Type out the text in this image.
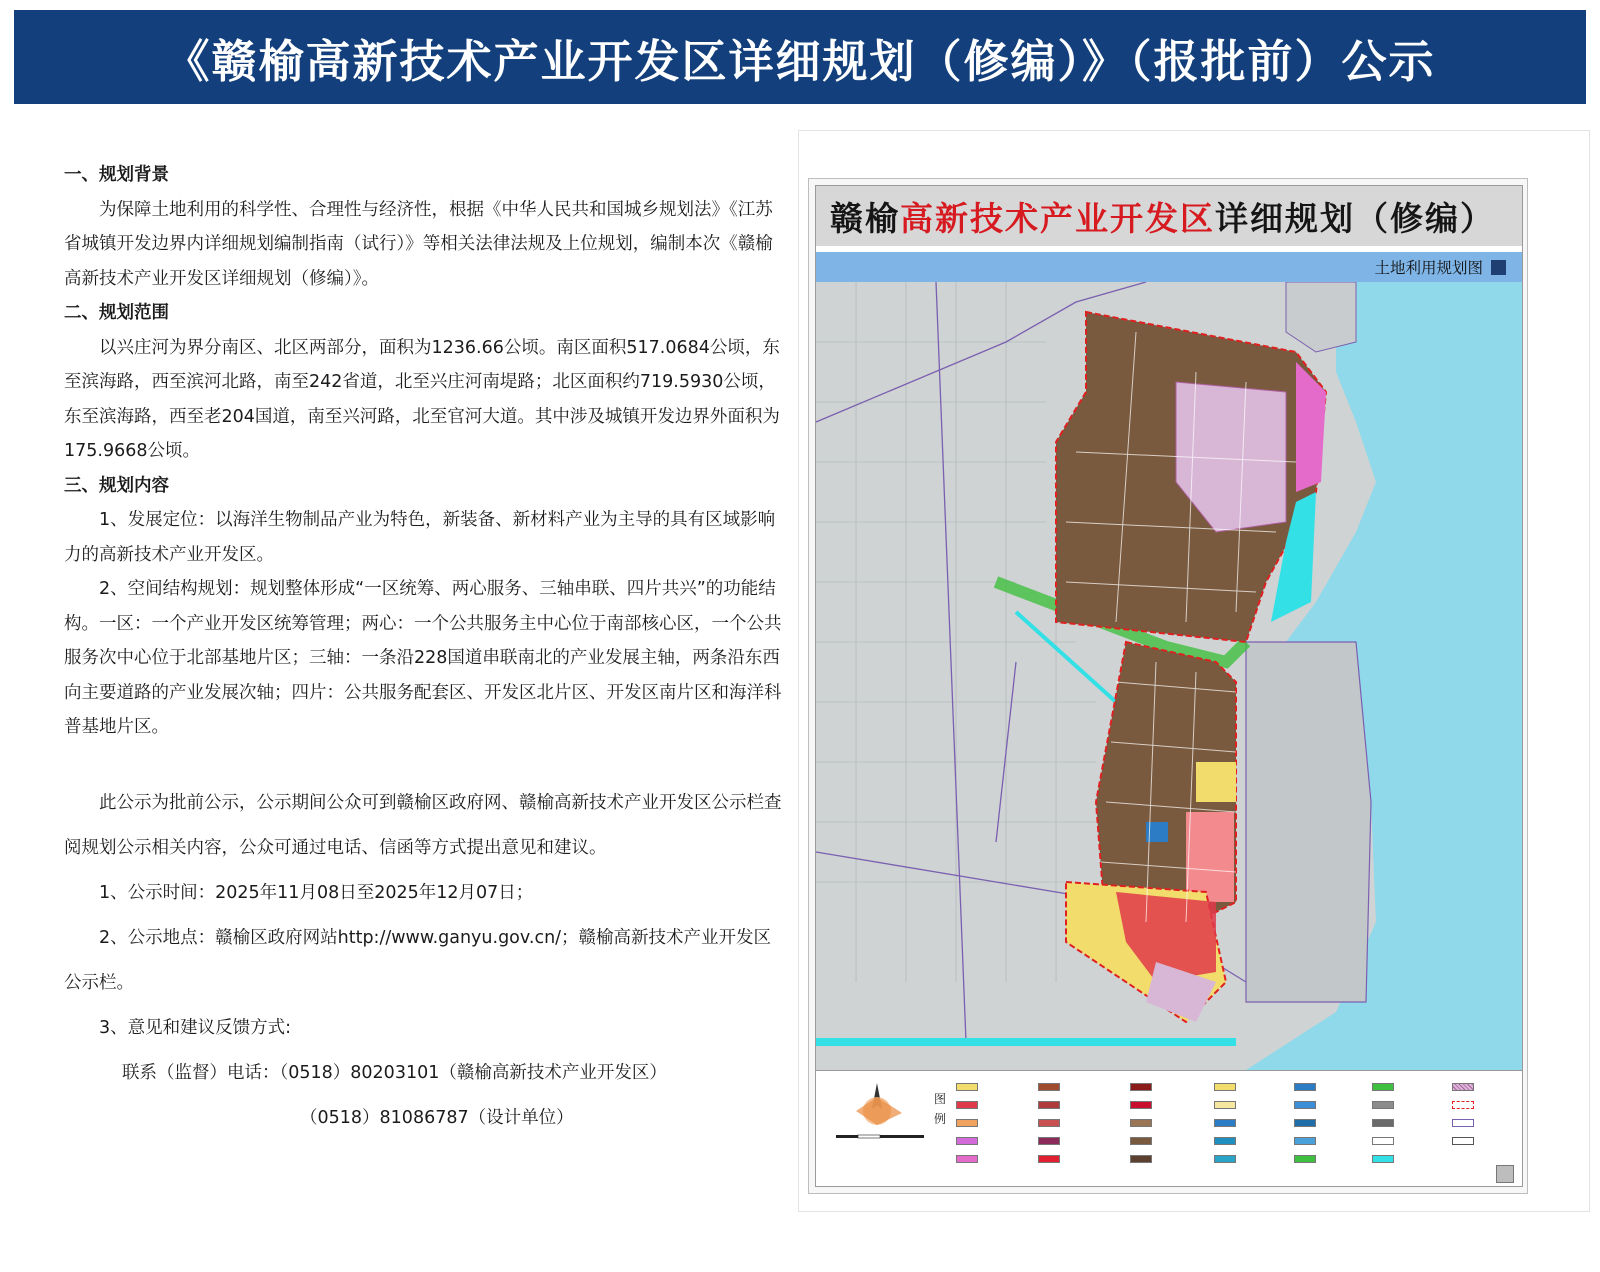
《赣榆高新技术产业开发区详细规划（修编）》（报批前）公示

一、规划背景

为保障土地利用的科学性、合理性与经济性，根据《中华人民共和国城乡规划法》《江苏省城镇开发边界内详细规划编制指南（试行）》等相关法律法规及上位规划，编制本次《赣榆高新技术产业开发区详细规划（修编）》。

二、规划范围

以兴庄河为界分南区、北区两部分，面积为1236.66公顷。南区面积517.0684公顷，东至滨海路，西至滨河北路，南至242省道，北至兴庄河南堤路；北区面积约719.5930公顷，东至滨海路，西至老204国道，南至兴河路，北至官河大道。其中涉及城镇开发边界外面积为175.9668公顷。

三、规划内容

1、发展定位：以海洋生物制品产业为特色，新装备、新材料产业为主导的具有区域影响力的高新技术产业开发区。

2、空间结构规划：规划整体形成“一区统筹、两心服务、三轴串联、四片共兴”的功能结构。一区：一个产业开发区统筹管理；两心：一个公共服务主中心位于南部核心区，一个公共服务次中心位于北部基地片区；三轴：一条沿228国道串联南北的产业发展主轴，两条沿东西向主要道路的产业发展次轴；四片：公共服务配套区、开发区北片区、开发区南片区和海洋科普基地片区。

此公示为批前公示，公示期间公众可到赣榆区政府网、赣榆高新技术产业开发区公示栏查阅规划公示相关内容，公众可通过电话、信函等方式提出意见和建议。

1、公示时间：2025年11月08日至2025年12月07日；

2、公示地点：赣榆区政府网站http://www.ganyu.gov.cn/；赣榆高新技术产业开发区公示栏。

3、意见和建议反馈方式:

联系（监督）电话：（0518）80203101（赣榆高新技术产业开发区）

（0518）81086787（设计单位）

赣榆 高新技术产业开发区 详细规划（修编）
土地利用规划图
图例
